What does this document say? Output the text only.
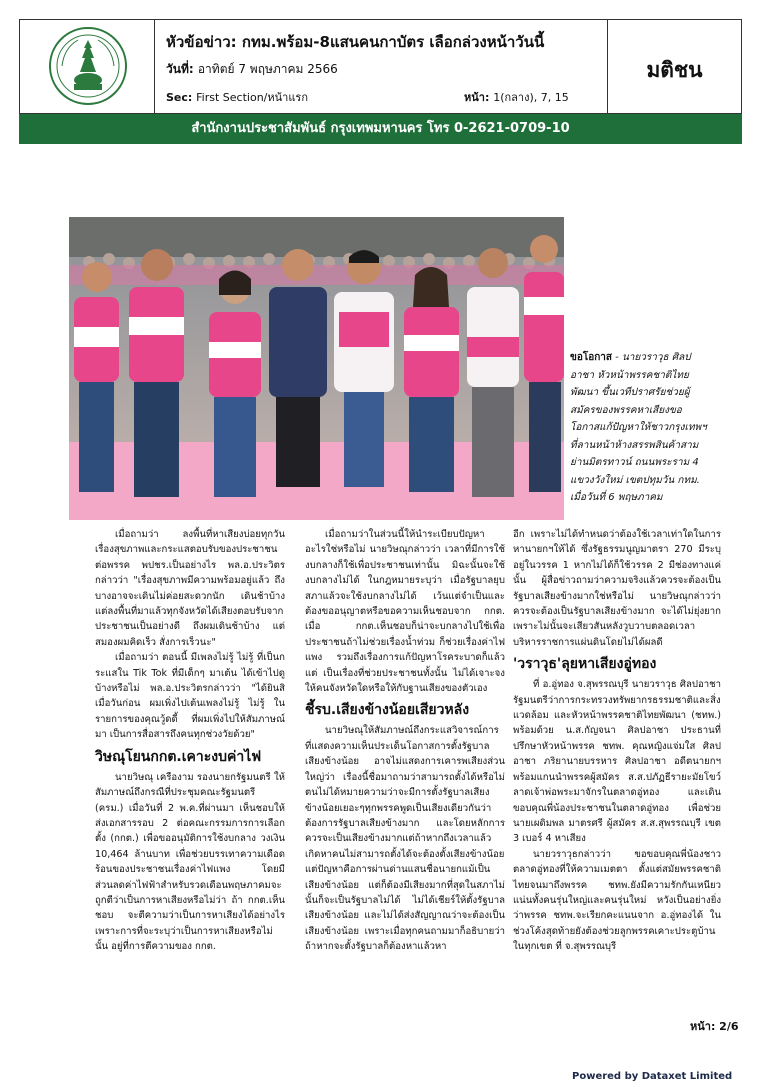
หัวข้อข่าว: กทม.พร้อม-8แสนคนกาบัตร เลือกล่วงหน้าวันนี้
วันที่: อาทิตย์ 7 พฤษภาคม 2566
Sec: First Section/หน้าแรก	หน้า: 1(กลาง), 7, 15
มติชน
สำนักงานประชาสัมพันธ์ กรุงเทพมหานคร โทร 0-2621-0709-10
ขอโอกาส - นายวราวุธ ศิลปอาชา หัวหน้าพรรคชาติไทยพัฒนา ขึ้นเวทีปราศรัยช่วยผู้สมัครของพรรคหาเสียงขอโอกาสแก้ปัญหาให้ชาวกรุงเทพฯ ที่ลานหน้าห้างสรรพสินค้าสามย่านมิตรทาวน์ ถนนพระราม 4 แขวงวังใหม่ เขตปทุมวัน กทม. เมื่อวันที่ 6 พฤษภาคม

เมื่อถามว่า ลงพื้นที่หาเสียงบ่อยทุกวัน เรื่องสุขภาพและกระแสตอบรับของประชาชนต่อพรรค พปชร.เป็นอย่างไร พล.อ.ประวิตรกล่าวว่า "เรื่องสุขภาพมีความพร้อมอยู่แล้ว ถึงบางอาจจะเดินไม่ค่อยสะดวกนัก เดินช้าบ้าง แต่ลงพื้นที่มาแล้วทุกจังหวัดได้เสียงตอบรับจากประชาชนเป็นอย่างดี ถึงผมเดินช้าบ้าง แต่สมองผมคิดเร็ว สั่งการเร็วนะ"

เมื่อถามว่า ตอนนี้ มีเพลงไม่รู้ ไม่รู้ ที่เป็นกระแสใน Tik Tok ที่มีเด็กๆ มาเต้น ได้เข้าไปดูบ้างหรือไม่ พล.อ.ประวิตรกล่าวว่า "ได้ยินสิ เมื่อวันก่อน ผมเพิ่งไปเต้นเพลงไม่รู้ ไม่รู้ ในรายการของคุณวู้ดดี้ ที่ผมเพิ่งไปให้สัมภาษณ์มา เป็นการสื่อสารถึงคนทุกช่วงวัยด้วย"

วิษณุโยนกกต.เคาะงบค่าไฟ

นายวิษณุ เครืองาม รองนายกรัฐมนตรี ให้สัมภาษณ์ถึงกรณีที่ประชุมคณะรัฐมนตรี (ครม.) เมื่อวันที่ 2 พ.ค.ที่ผ่านมา เห็นชอบให้ส่งเอกสารรอบ 2 ต่อคณะกรรมการการเลือกตั้ง (กกต.) เพื่อขออนุมัติการใช้งบกลาง วงเงิน 10,464 ล้านบาท เพื่อช่วยบรรเทาความเดือดร้อนของประชาชนเรื่องค่าไฟแพง โดยมีส่วนลดค่าไฟฟ้าสำหรับรวดเดือนพฤษภาคมจะถูกตีว่าเป็นการหาเสียงหรือไม่ว่า ถ้า กกต.เห็นชอบ จะตีความว่าเป็นการหาเสียงได้อย่างไร เพราะการที่จะระบุว่าเป็นการหาเสียงหรือไม่นั้น อยู่ที่การตีความของ กกต.

เมื่อถามว่าในส่วนนี้ให้นำระเบียบปัญหาอะไรใช่หรือไม่ นายวิษณุกล่าวว่า เวลาที่มีการใช้งบกลางก็ใช้เพื่อประชาชนเท่านั้น มิฉะนั้นจะใช้งบกลางไม่ได้ ในกฎหมายระบุว่า เมื่อรัฐบาลยุบสภาแล้วจะใช้งบกลางไม่ได้ เว้นแต่จำเป็นและต้องขออนุญาตหรือขอความเห็นชอบจาก กกต. เมื่อ กกต.เห็นชอบก็น่าจะบกลางไปใช้เพื่อประชาชนถ้าไม่ช่วยเรื่องน้ำท่วม ก็ช่วยเรื่องค่าไฟแพง รวมถึงเรื่องการแก้ปัญหาโรคระบาดก็แล้วแต่ เป็นเรื่องที่ช่วยประชาชนทั้งนั้น ไม่ได้เจาะจงให้คนจังหวัดใดหรือให้กับฐานเสียงของตัวเอง

ชี้รบ.เสียงข้างน้อยเสียวหลัง

นายวิษณุให้สัมภาษณ์ถึงกระแสวิจารณ์การที่แสดงความเห็นประเด็นโอกาสการตั้งรัฐบาลเสียงข้างน้อย อาจไม่แสดงการเคารพเสียงส่วนใหญ่ว่า เรื่องนี้ชื่อมาถามว่าสามารถตั้งได้หรือไม่ ตนไม่ได้หมายความว่าจะมีการตั้งรัฐบาลเสียงข้างน้อยเยอะๆทุกพรรคพูดเป็นเสียงเดียวกันว่าต้องการรัฐบาลเสียงข้างมาก และโดยหลักการควรจะเป็นเสียงข้างมากแต่ถ้าหากถึงเวลาแล้วเกิดหาคนไม่สามารถตั้งได้จะต้องตั้งเสียงข้างน้อย แต่ปัญหาคือการผ่านด่านแสนชื่อนายกแม้เป็นเสียงข้างน้อย แต่ก็ต้องมีเสียงมากที่สุดในสภาไม่นั้นก็จะเป็นรัฐบาลไม่ได้ ไม่ได้เชียร์ให้ตั้งรัฐบาลเสียงข้างน้อย และไม่ได้ส่งสัญญาณว่าจะต้องเป็นเสียงข้างน้อย เพราะเมื่อทุกคนถามมาก็อธิบายว่าถ้าหากจะตั้งรัฐบาลก็ต้องหาแล้วหา

อีก เพราะไม่ได้ทำหนดว่าต้องใช้เวลาเท่าใดในการหานายกฯให้ได้ ซึ่งรัฐธรรมนูญมาตรา 270 มีระบุอยู่ในวรรค 1 หากไม่ได้ก็ใช้วรรค 2 มีช่องทางแค่นั้น ผู้สื่อข่าวถามว่าความจริงแล้วควรจะต้องเป็นรัฐบาลเสียงข้างมากใช่หรือไม่ นายวิษณุกล่าวว่า ควรจะต้องเป็นรัฐบาลเสียงข้างมาก จะได้ไม่ยุ่งยาก เพราะไม่นั้นจะเสียวสันหลังวูบวาบตลอดเวลาบริหารราชการแผ่นดินโดยไม่ได้ผลดี

'วราวุธ'ลุยหาเสียงอู่ทอง

ที่ อ.อู่ทอง จ.สุพรรณบุรี นายวราวุธ ศิลปอาชา รัฐมนตรีว่าการกระทรวงทรัพยากรธรรมชาติและสิ่งแวดล้อม และหัวหน้าพรรคชาติไทยพัฒนา (ชทพ.) พร้อมด้วย น.ส.กัญจนา ศิลปอาชา ประธานที่ปรึกษาหัวหน้าพรรค ชทพ. คุณหญิงแจ่มใส ศิลปอาชา ภริยานายบรรหาร ศิลปอาชา อดีตนายกฯ พร้อมแกนนำพรรคผู้สมัคร ส.ส.ปภัฏธีรายะมัยโขว์ลาดเจ้าพ่อพระมาจักรในตลาดอู่ทอง และเดินขอบคุณพี่น้องประชาชนในตลาดอู่ทอง เพื่อช่วยนายเผดิมพล มาตรศรี ผู้สมัคร ส.ส.สุพรรณบุรี เขต 3 เบอร์ 4 หาเสียง

นายวราวุธกล่าวว่า ขอขอบคุณพี่น้องชาวตลาดอู่ทองที่ให้ความเมตตา ตั้งแต่สมัยพรรคชาติไทยจนมาถึงพรรค ชทพ.ยังมีความรักกันเหนียวแน่นทั้งคนรุ่นใหญ่และคนรุ่นใหม่ หวังเป็นอย่างยิ่งว่าพรรค ชทพ.จะเรียกคะแนนจาก อ.อู่ทองได้ ในช่วงโค้งสุดท้ายยังต้องช่วยลูกพรรคเคาะประตูบ้านในทุกเขต ที่ จ.สุพรรณบุรี

หน้า: 2/6
Powered by Dataxet Limited
